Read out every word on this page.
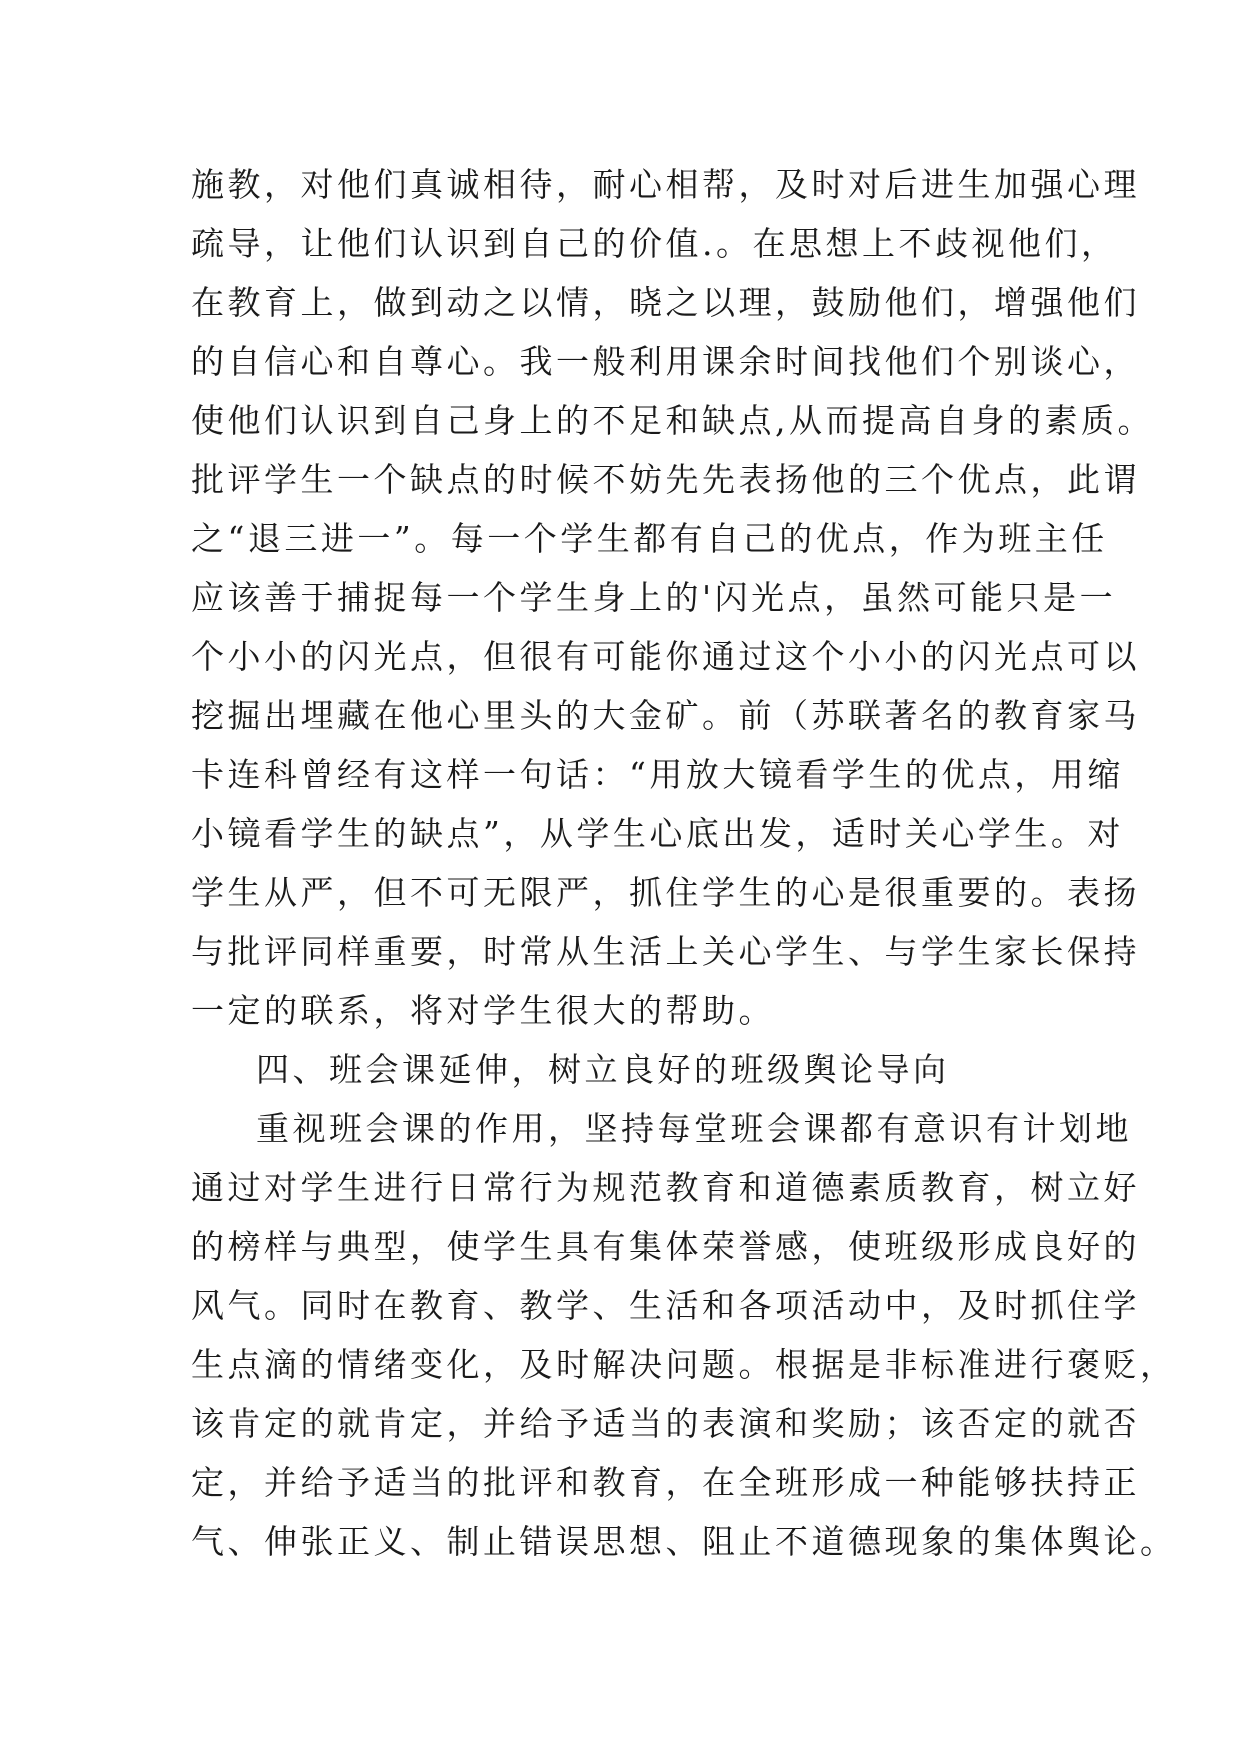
施教，对他们真诚相待，耐心相帮，及时对后进生加强心理
疏导，让他们认识到自己的价值.。在思想上不歧视他们，
在教育上，做到动之以情，晓之以理，鼓励他们，增强他们
的自信心和自尊心。我一般利用课余时间找他们个别谈心，
使他们认识到自己身上的不足和缺点,从而提高自身的素质。
批评学生一个缺点的时候不妨先先表扬他的三个优点，此谓
之“退三进一”。每一个学生都有自己的优点，作为班主任
应该善于捕捉每一个学生身上的'闪光点，虽然可能只是一
个小小的闪光点，但很有可能你通过这个小小的闪光点可以
挖掘出埋藏在他心里头的大金矿。前（苏联著名的教育家马
卡连科曾经有这样一句话：“用放大镜看学生的优点，用缩
小镜看学生的缺点”，从学生心底出发，适时关心学生。对
学生从严，但不可无限严，抓住学生的心是很重要的。表扬
与批评同样重要，时常从生活上关心学生、与学生家长保持
一定的联系，将对学生很大的帮助。
四、班会课延伸，树立良好的班级舆论导向
重视班会课的作用，坚持每堂班会课都有意识有计划地
通过对学生进行日常行为规范教育和道德素质教育，树立好
的榜样与典型，使学生具有集体荣誉感，使班级形成良好的
风气。同时在教育、教学、生活和各项活动中，及时抓住学
生点滴的情绪变化，及时解决问题。根据是非标准进行褒贬，
该肯定的就肯定，并给予适当的表演和奖励；该否定的就否
定，并给予适当的批评和教育，在全班形成一种能够扶持正
气、伸张正义、制止错误思想、阻止不道德现象的集体舆论。
